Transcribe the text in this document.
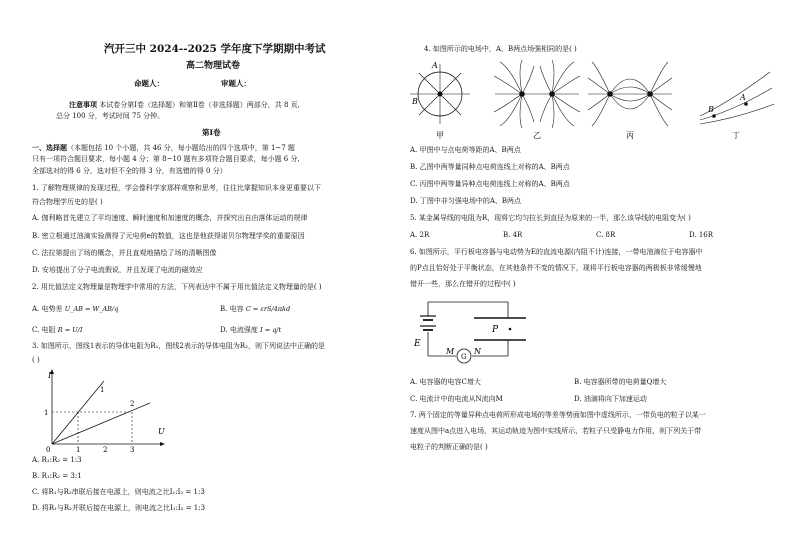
汽开三中 2024--2025 学年度下学期期中考试
高二物理试卷
命题人：	审题人：
注意事项 本试卷分第Ⅰ卷（选择题）和第Ⅱ卷（非选择题）两部分，共 8 页,
总分 100 分，考试时间 75 分钟。
第Ⅰ卷
一、选择题（本题包括 10 个小题，共 46 分，每小题给出的四个选项中，第 1~7 题
只有一项符合题目要求，每小题 4 分；第 8~10 题有多项符合题目要求，每小题 6 分,
全部选对的得 6 分，选对但不全的得 3 分，有选错的得 0 分）
1. 了解物理规律的发现过程，学会像科学家那样观察和思考，往往比掌握知识本身更重要以下
符合物理学历史的是( )
A. 伽利略首先建立了平均速度、瞬时速度和加速度的概念，并探究出自由落体运动的规律
B. 密立根通过油滴实验测得了元电荷e的数值，这也是他获得诺贝尔物理学奖的重要原因
C. 法拉第提出了场的概念，并且直观地描绘了场的清晰图像
D. 安培提出了分子电流假说，并且发现了电流的磁效应
2. 用比值法定义物理量是物理学中常用的方法，下列表达中不属于用比值法定义物理量的是( )
A. 电势差 U_AB = W_AB/q	B. 电容 C = εrS/4πkd
C. 电阻 R = U/I	D. 电流强度 I = q/t
3. 如图所示，图线1表示的导体电阻为R₁，图线2表示的导体电阻为R₂，则下列说法中正确的是
( )
I
U
0
1
1	2	3
1
2
A. R₁:R₂ = 1:3
B. R₁:R₂ = 3:1
C. 将R₁与R₂串联后接在电源上，则电流之比I₁:I₂ = 1:3
D. 将R₁与R₂并联后接在电源上，则电流之比I₁:I₂ = 1:3
4. 如图所示的电场中，A、B两点场强相同的是( )
A
B
B
A
甲	乙	丙	丁
A. 甲图中与点电荷等距的A、B两点
B. 乙图中两等量同种点电荷连线上对称的A、B两点
C. 丙图中两等量异种点电荷连线上对称的A、B两点
D. 丁图中非匀强电场中的A、B两点
5. 某金属导线的电阻为R，现将它均匀拉长到直径为原来的一半，那么该导线的电阻变为( )
A. 2R	B. 4R	C. 8R	D. 16R
6. 如图所示，平行板电容器与电动势为E的直流电源(内阻不计)连接，一带电油滴位于电容器中
的P点且恰好处于平衡状态，在其他条件不变的情况下，现将平行板电容器的两极板非常缓慢地
错开一些，那么在错开的过程中( )
E
P
M N
G
A. 电容器的电容C增大	B. 电容器所带的电荷量Q增大
C. 电流计中的电流从N流向M	D. 油滴将向下加速运动
7. 两个固定的等量异种点电荷所形成电场的等差等势面如图中虚线所示，一带负电的粒子以某一
速度从图中a点进入电场，其运动轨迹为图中实线所示，若粒子只受静电力作用，则下列关于带
电粒子的判断正确的是( )
